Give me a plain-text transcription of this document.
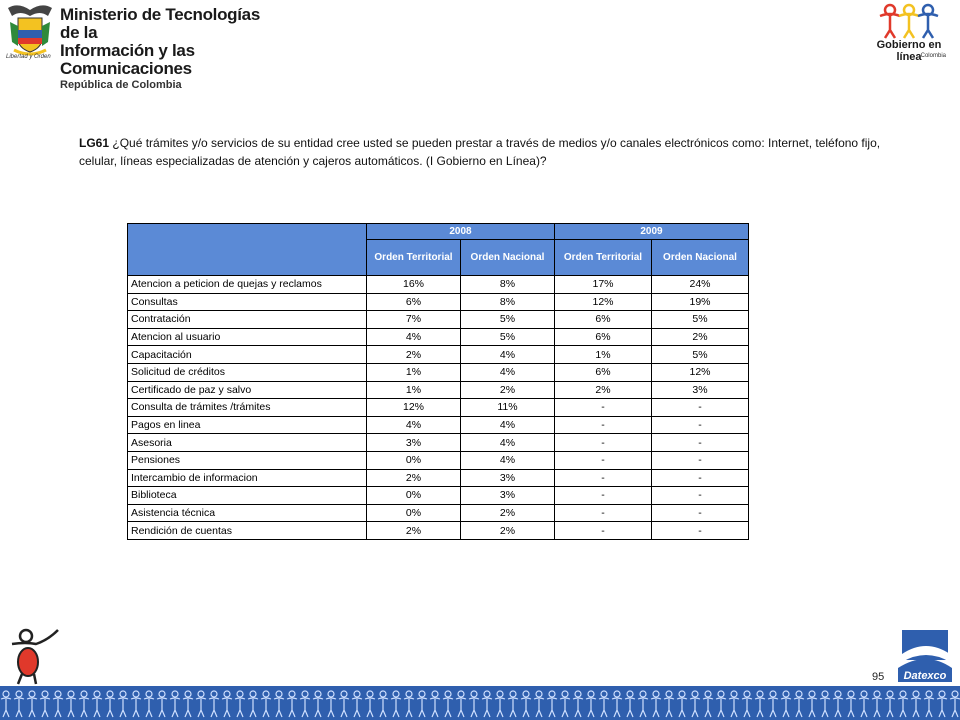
Ministerio de Tecnologías de la
Información y las Comunicaciones
República de Colombia
Libertad y Orden
Gobierno en línea Colombia
LG61 ¿Qué trámites y/o servicios de su entidad cree usted se pueden prestar a través de medios y/o canales electrónicos como: Internet, teléfono fijo, celular, líneas especializadas de atención y cajeros automáticos. (I Gobierno en Línea)?
	2008		2009	
	Orden Territorial	Orden Nacional	Orden Territorial	Orden Nacional
Atencion a peticion de quejas y reclamos	16%	8%	17%	24%
Consultas	6%	8%	12%	19%
Contratación	7%	5%	6%	5%
Atencion al usuario	4%	5%	6%	2%
Capacitación	2%	4%	1%	5%
Solicitud de créditos	1%	4%	6%	12%
Certificado de paz y salvo	1%	2%	2%	3%
Consulta de trámites /trámites	12%	11%	-	-
Pagos en linea	4%	4%	-	-
Asesoria	3%	4%	-	-
Pensiones	0%	4%	-	-
Intercambio de informacion	2%	3%	-	-
Biblioteca	0%	3%	-	-
Asistencia técnica	0%	2%	-	-
Rendición de cuentas	2%	2%	-	-
95 Datexco
